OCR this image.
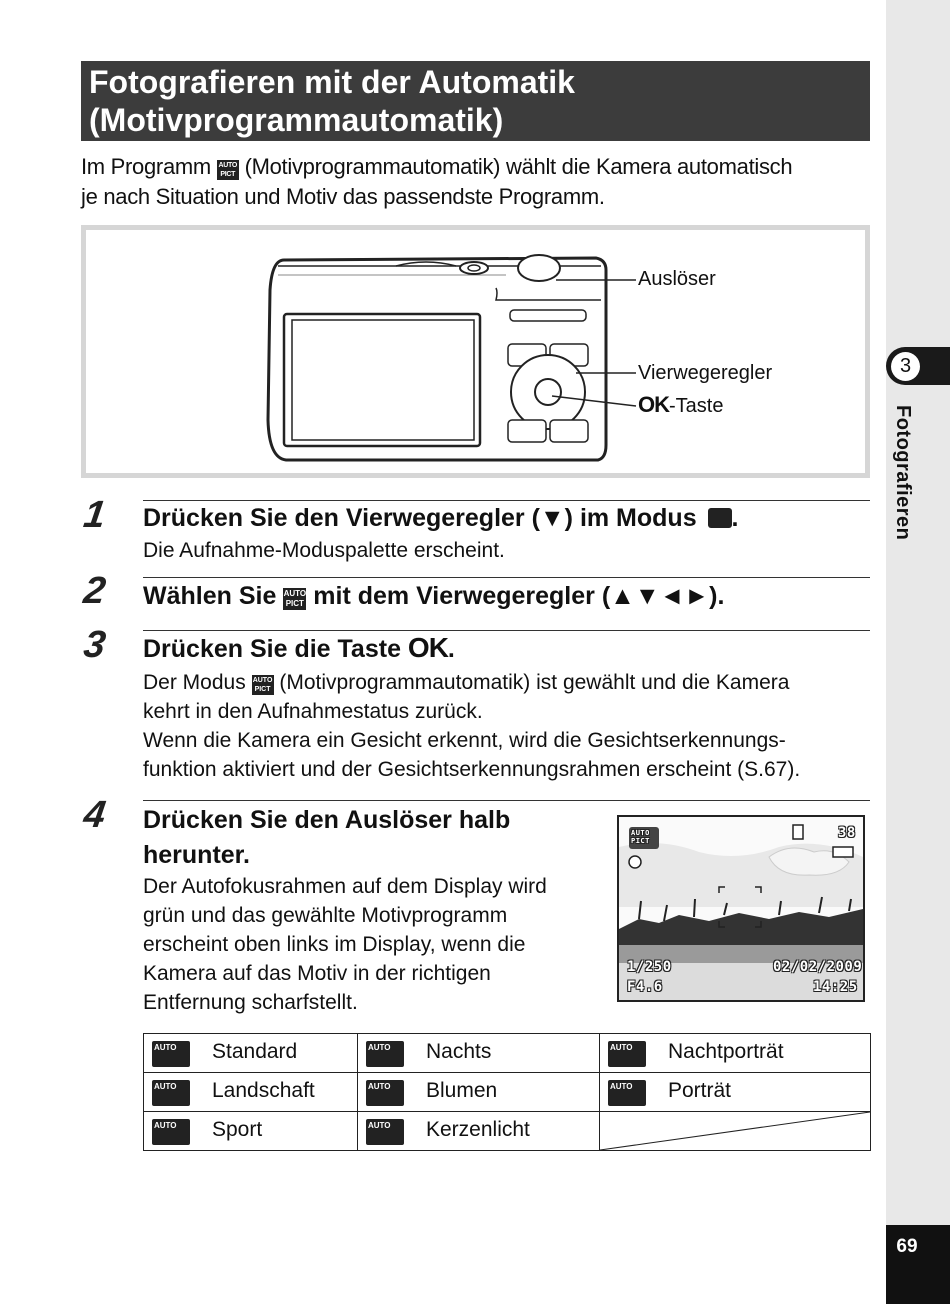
3
Fotografieren
69
Fotografieren mit der Automatik
(Motivprogrammautomatik)
Im Programm AUTO
PICT (Motivprogrammautomatik) wählt die Kamera automatisch
je nach Situation und Motiv das passendste Programm.
Auslöser
Vierwegeregler
OK-Taste
1 Drücken Sie den Vierwegeregler (▼) im Modus .
Die Aufnahme-Moduspalette erscheint.
2 Wählen Sie AUTO
PICT mit dem Vierwegeregler (▲▼◄►).
3 Drücken Sie die Taste OK.
Der Modus AUTO
PICT (Motivprogrammautomatik) ist gewählt und die Kamera
kehrt in den Aufnahmestatus zurück.
Wenn die Kamera ein Gesicht erkennt, wird die Gesichtserkennungs-
funktion aktiviert und der Gesichtserkennungsrahmen erscheint (S.67).
4 Drücken Sie den Auslöser halb
herunter.
Der Autofokusrahmen auf dem Display wird
grün und das gewählte Motivprogramm
erscheint oben links im Display, wenn die
Kamera auf das Motiv in der richtigen
Entfernung scharfstellt.
AUTO
PICT	38
1/250
F4.6
02/02/2009
14:25
AUTO Standard	AUTO Nachts	AUTO Nachtporträt

AUTO Landschaft	AUTO Blumen	AUTO Porträt

AUTO Sport	AUTO Kerzenlicht
